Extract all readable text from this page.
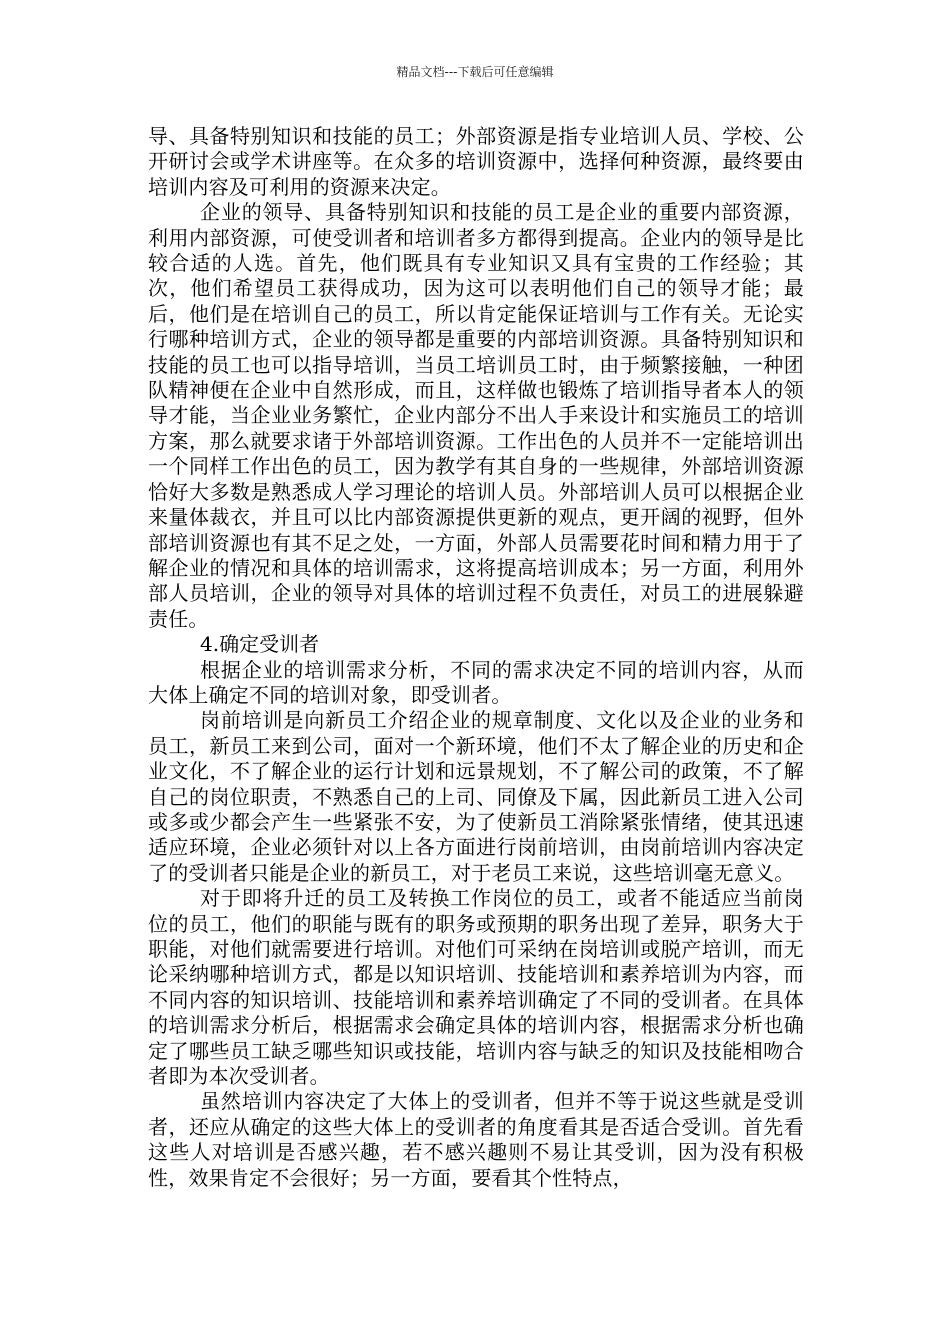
精品文档---下载后可任意编辑

导、具备特别知识和技能的员工；外部资源是指专业培训人员、学校、公开研讨会或学术讲座等。在众多的培训资源中，选择何种资源，最终要由培训内容及可利用的资源来决定。

企业的领导、具备特别知识和技能的员工是企业的重要内部资源，利用内部资源，可使受训者和培训者多方都得到提高。企业内的领导是比较合适的人选。首先，他们既具有专业知识又具有宝贵的工作经验；其次，他们希望员工获得成功，因为这可以表明他们自己的领导才能；最后，他们是在培训自己的员工，所以肯定能保证培训与工作有关。无论实行哪种培训方式，企业的领导都是重要的内部培训资源。具备特别知识和技能的员工也可以指导培训，当员工培训员工时，由于频繁接触，一种团队精神便在企业中自然形成，而且，这样做也锻炼了培训指导者本人的领导才能，当企业业务繁忙，企业内部分不出人手来设计和实施员工的培训方案，那么就要求诸于外部培训资源。工作出色的人员并不一定能培训出一个同样工作出色的员工，因为教学有其自身的一些规律，外部培训资源恰好大多数是熟悉成人学习理论的培训人员。外部培训人员可以根据企业来量体裁衣，并且可以比内部资源提供更新的观点，更开阔的视野，但外部培训资源也有其不足之处，一方面，外部人员需要花时间和精力用于了解企业的情况和具体的培训需求，这将提高培训成本；另一方面，利用外部人员培训，企业的领导对具体的培训过程不负责任，对员工的进展躲避责任。

4.确定受训者

根据企业的培训需求分析，不同的需求决定不同的培训内容，从而大体上确定不同的培训对象，即受训者。

岗前培训是向新员工介绍企业的规章制度、文化以及企业的业务和员工，新员工来到公司，面对一个新环境，他们不太了解企业的历史和企业文化，不了解企业的运行计划和远景规划，不了解公司的政策，不了解自己的岗位职责，不熟悉自己的上司、同僚及下属，因此新员工进入公司或多或少都会产生一些紧张不安，为了使新员工消除紧张情绪，使其迅速适应环境，企业必须针对以上各方面进行岗前培训，由岗前培训内容决定了的受训者只能是企业的新员工，对于老员工来说，这些培训毫无意义。

对于即将升迁的员工及转换工作岗位的员工，或者不能适应当前岗位的员工，他们的职能与既有的职务或预期的职务出现了差异，职务大于职能，对他们就需要进行培训。对他们可采纳在岗培训或脱产培训，而无论采纳哪种培训方式，都是以知识培训、技能培训和素养培训为内容，而不同内容的知识培训、技能培训和素养培训确定了不同的受训者。在具体的培训需求分析后，根据需求会确定具体的培训内容，根据需求分析也确定了哪些员工缺乏哪些知识或技能，培训内容与缺乏的知识及技能相吻合者即为本次受训者。

虽然培训内容决定了大体上的受训者，但并不等于说这些就是受训者，还应从确定的这些大体上的受训者的角度看其是否适合受训。首先看这些人对培训是否感兴趣，若不感兴趣则不易让其受训，因为没有积极性，效果肯定不会很好；另一方面，要看其个性特点，
